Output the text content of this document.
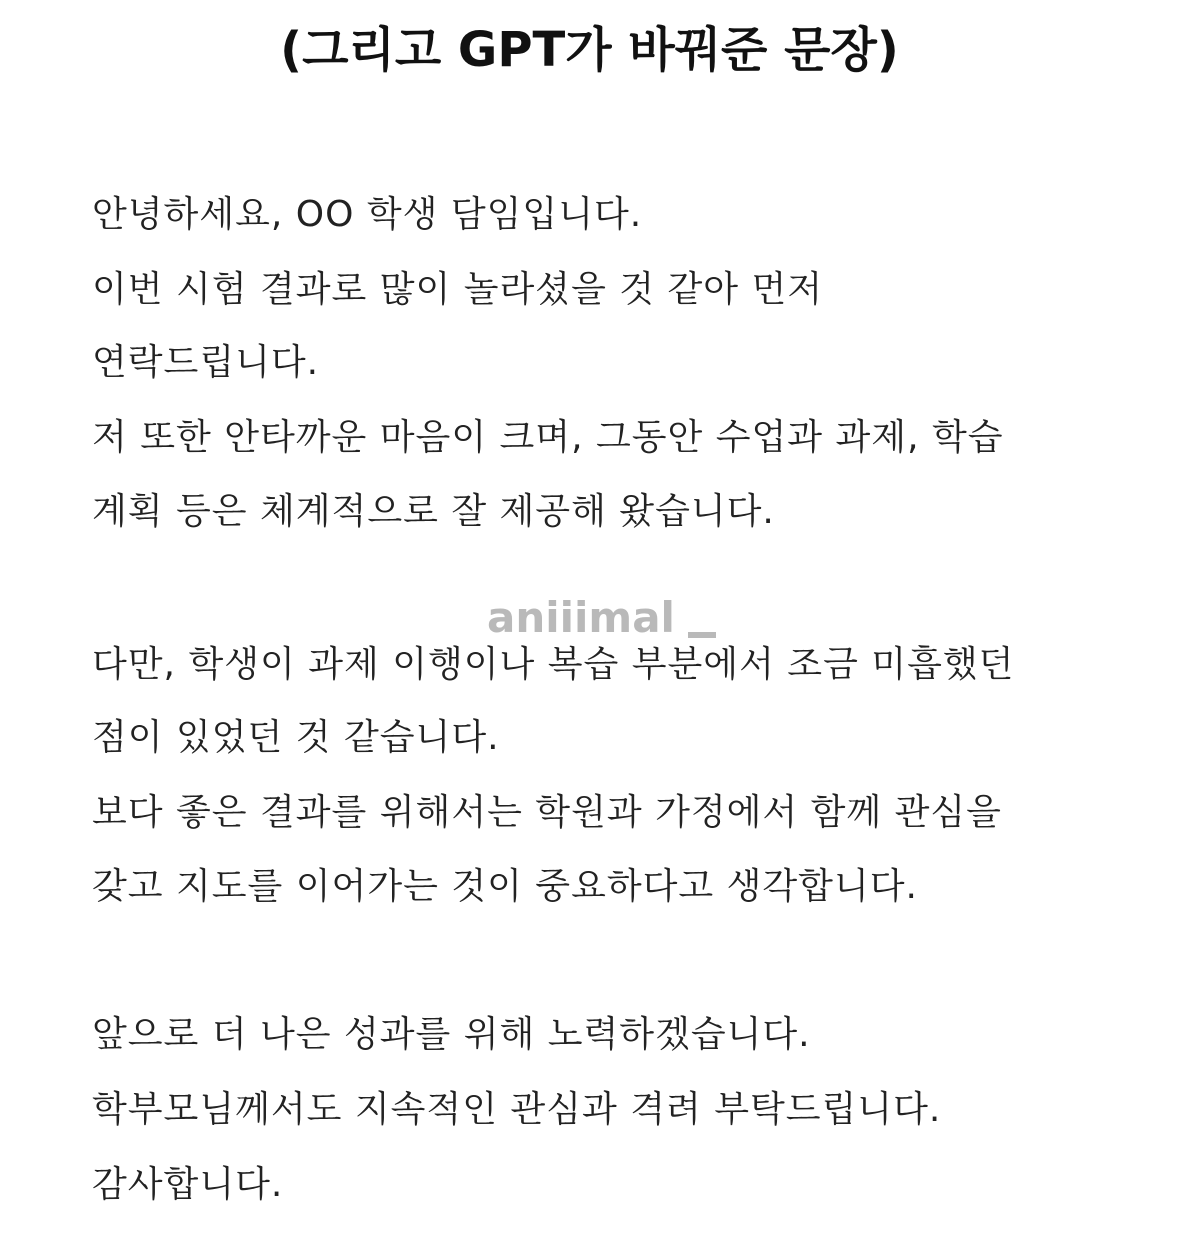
(그리고 GPT가 바꿔준 문장)
안녕하세요, OO 학생 담임입니다.
이번 시험 결과로 많이 놀라셨을 것 같아 먼저
연락드립니다.
저 또한 안타까운 마음이 크며, 그동안 수업과 과제, 학습
계획 등은 체계적으로 잘 제공해 왔습니다.
다만, 학생이 과제 이행이나 복습 부분에서 조금 미흡했던
점이 있었던 것 같습니다.
보다 좋은 결과를 위해서는 학원과 가정에서 함께 관심을
갖고 지도를 이어가는 것이 중요하다고 생각합니다.
앞으로 더 나은 성과를 위해 노력하겠습니다.
학부모님께서도 지속적인 관심과 격려 부탁드립니다.
감사합니다.
aniiimal
